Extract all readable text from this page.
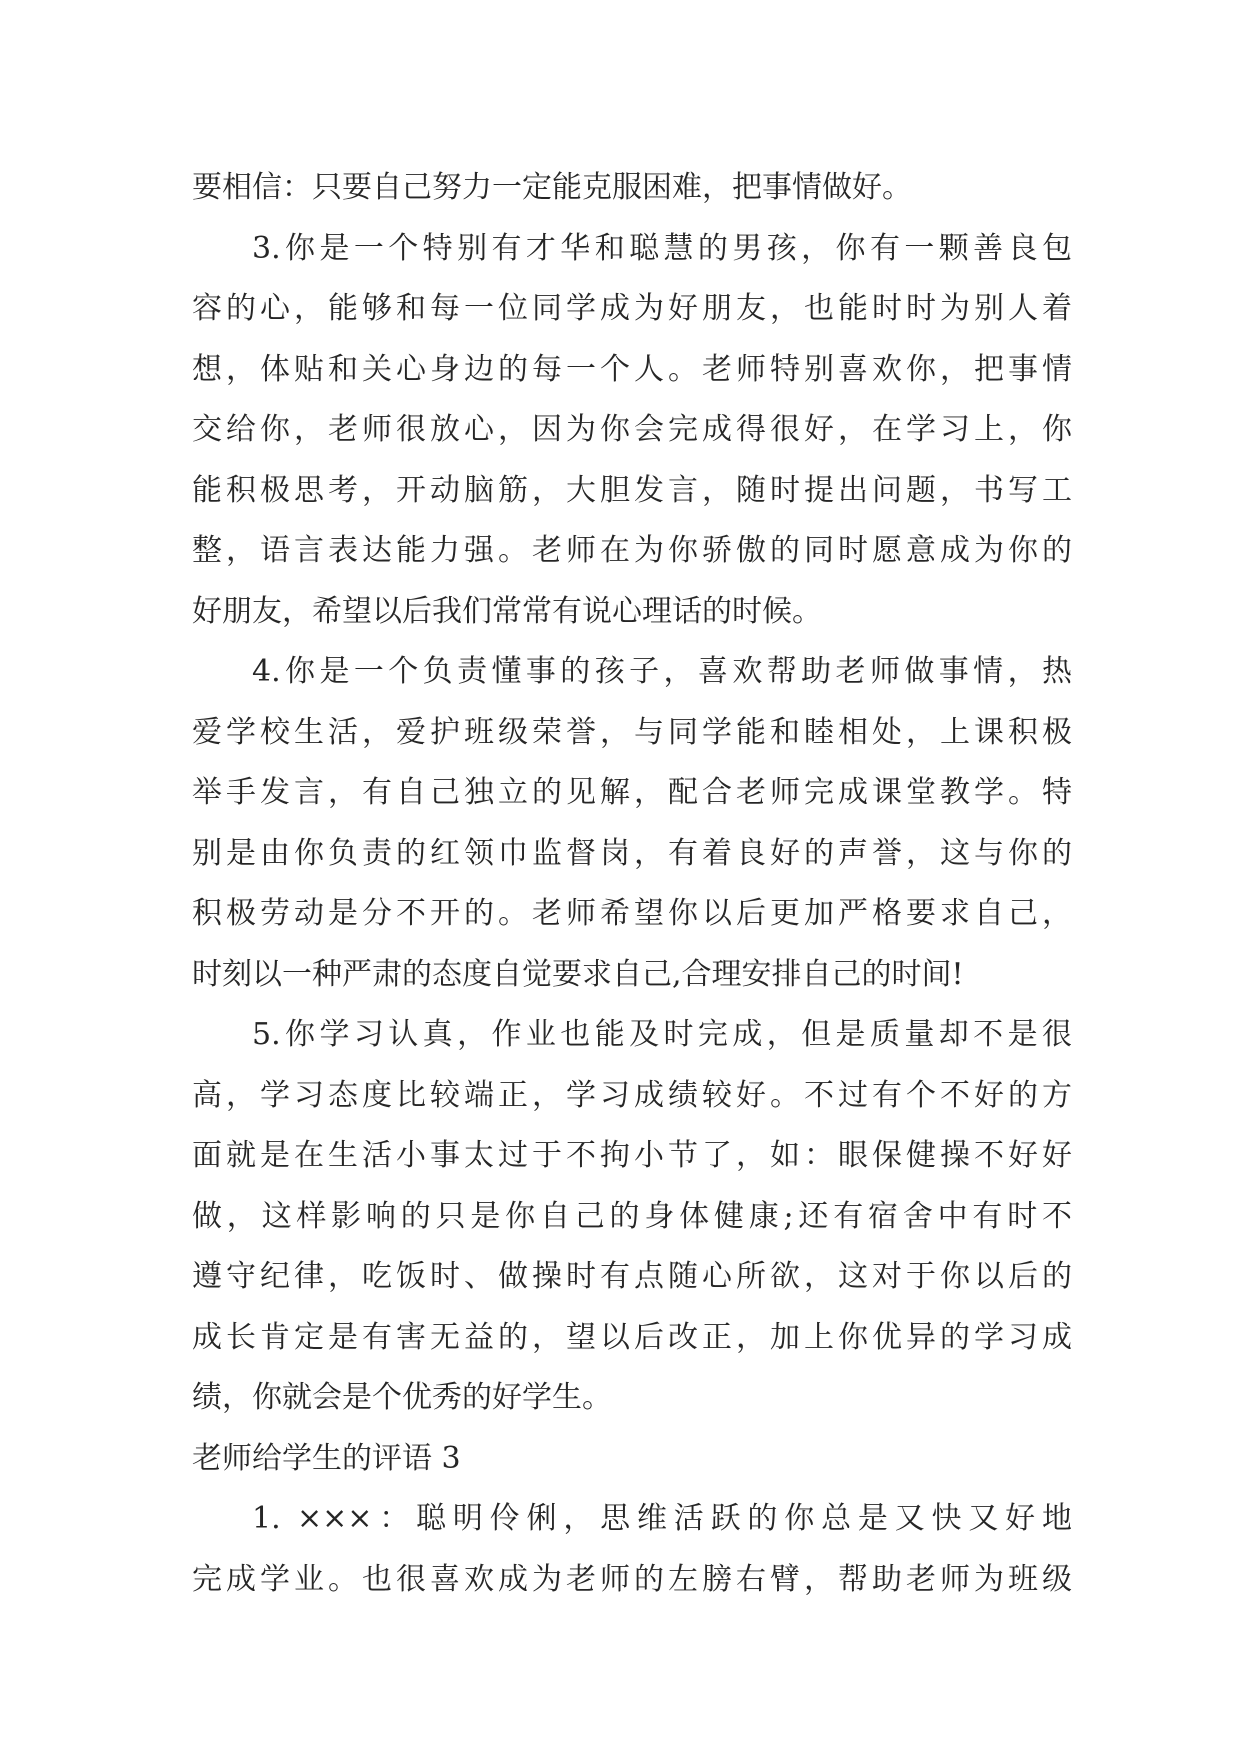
要相信：只要自己努力一定能克服困难，把事情做好。
3.你是一个特别有才华和聪慧的男孩，你有一颗善良包
容的心，能够和每一位同学成为好朋友，也能时时为别人着
想，体贴和关心身边的每一个人。老师特别喜欢你，把事情
交给你，老师很放心，因为你会完成得很好，在学习上，你
能积极思考，开动脑筋，大胆发言，随时提出问题，书写工
整，语言表达能力强。老师在为你骄傲的同时愿意成为你的
好朋友，希望以后我们常常有说心理话的时候。
4.你是一个负责懂事的孩子，喜欢帮助老师做事情，热
爱学校生活，爱护班级荣誉，与同学能和睦相处，上课积极
举手发言，有自己独立的见解，配合老师完成课堂教学。特
别是由你负责的红领巾监督岗，有着良好的声誉，这与你的
积极劳动是分不开的。老师希望你以后更加严格要求自己，
时刻以一种严肃的态度自觉要求自己,合理安排自己的时间!
5.你学习认真，作业也能及时完成，但是质量却不是很
高，学习态度比较端正，学习成绩较好。不过有个不好的方
面就是在生活小事太过于不拘小节了，如：眼保健操不好好
做，这样影响的只是你自己的身体健康;还有宿舍中有时不
遵守纪律，吃饭时、做操时有点随心所欲，这对于你以后的
成长肯定是有害无益的，望以后改正，加上你优异的学习成
绩，你就会是个优秀的好学生。
老师给学生的评语 3
1. ×××：聪明伶俐，思维活跃的你总是又快又好地
完成学业。也很喜欢成为老师的左膀右臂，帮助老师为班级
